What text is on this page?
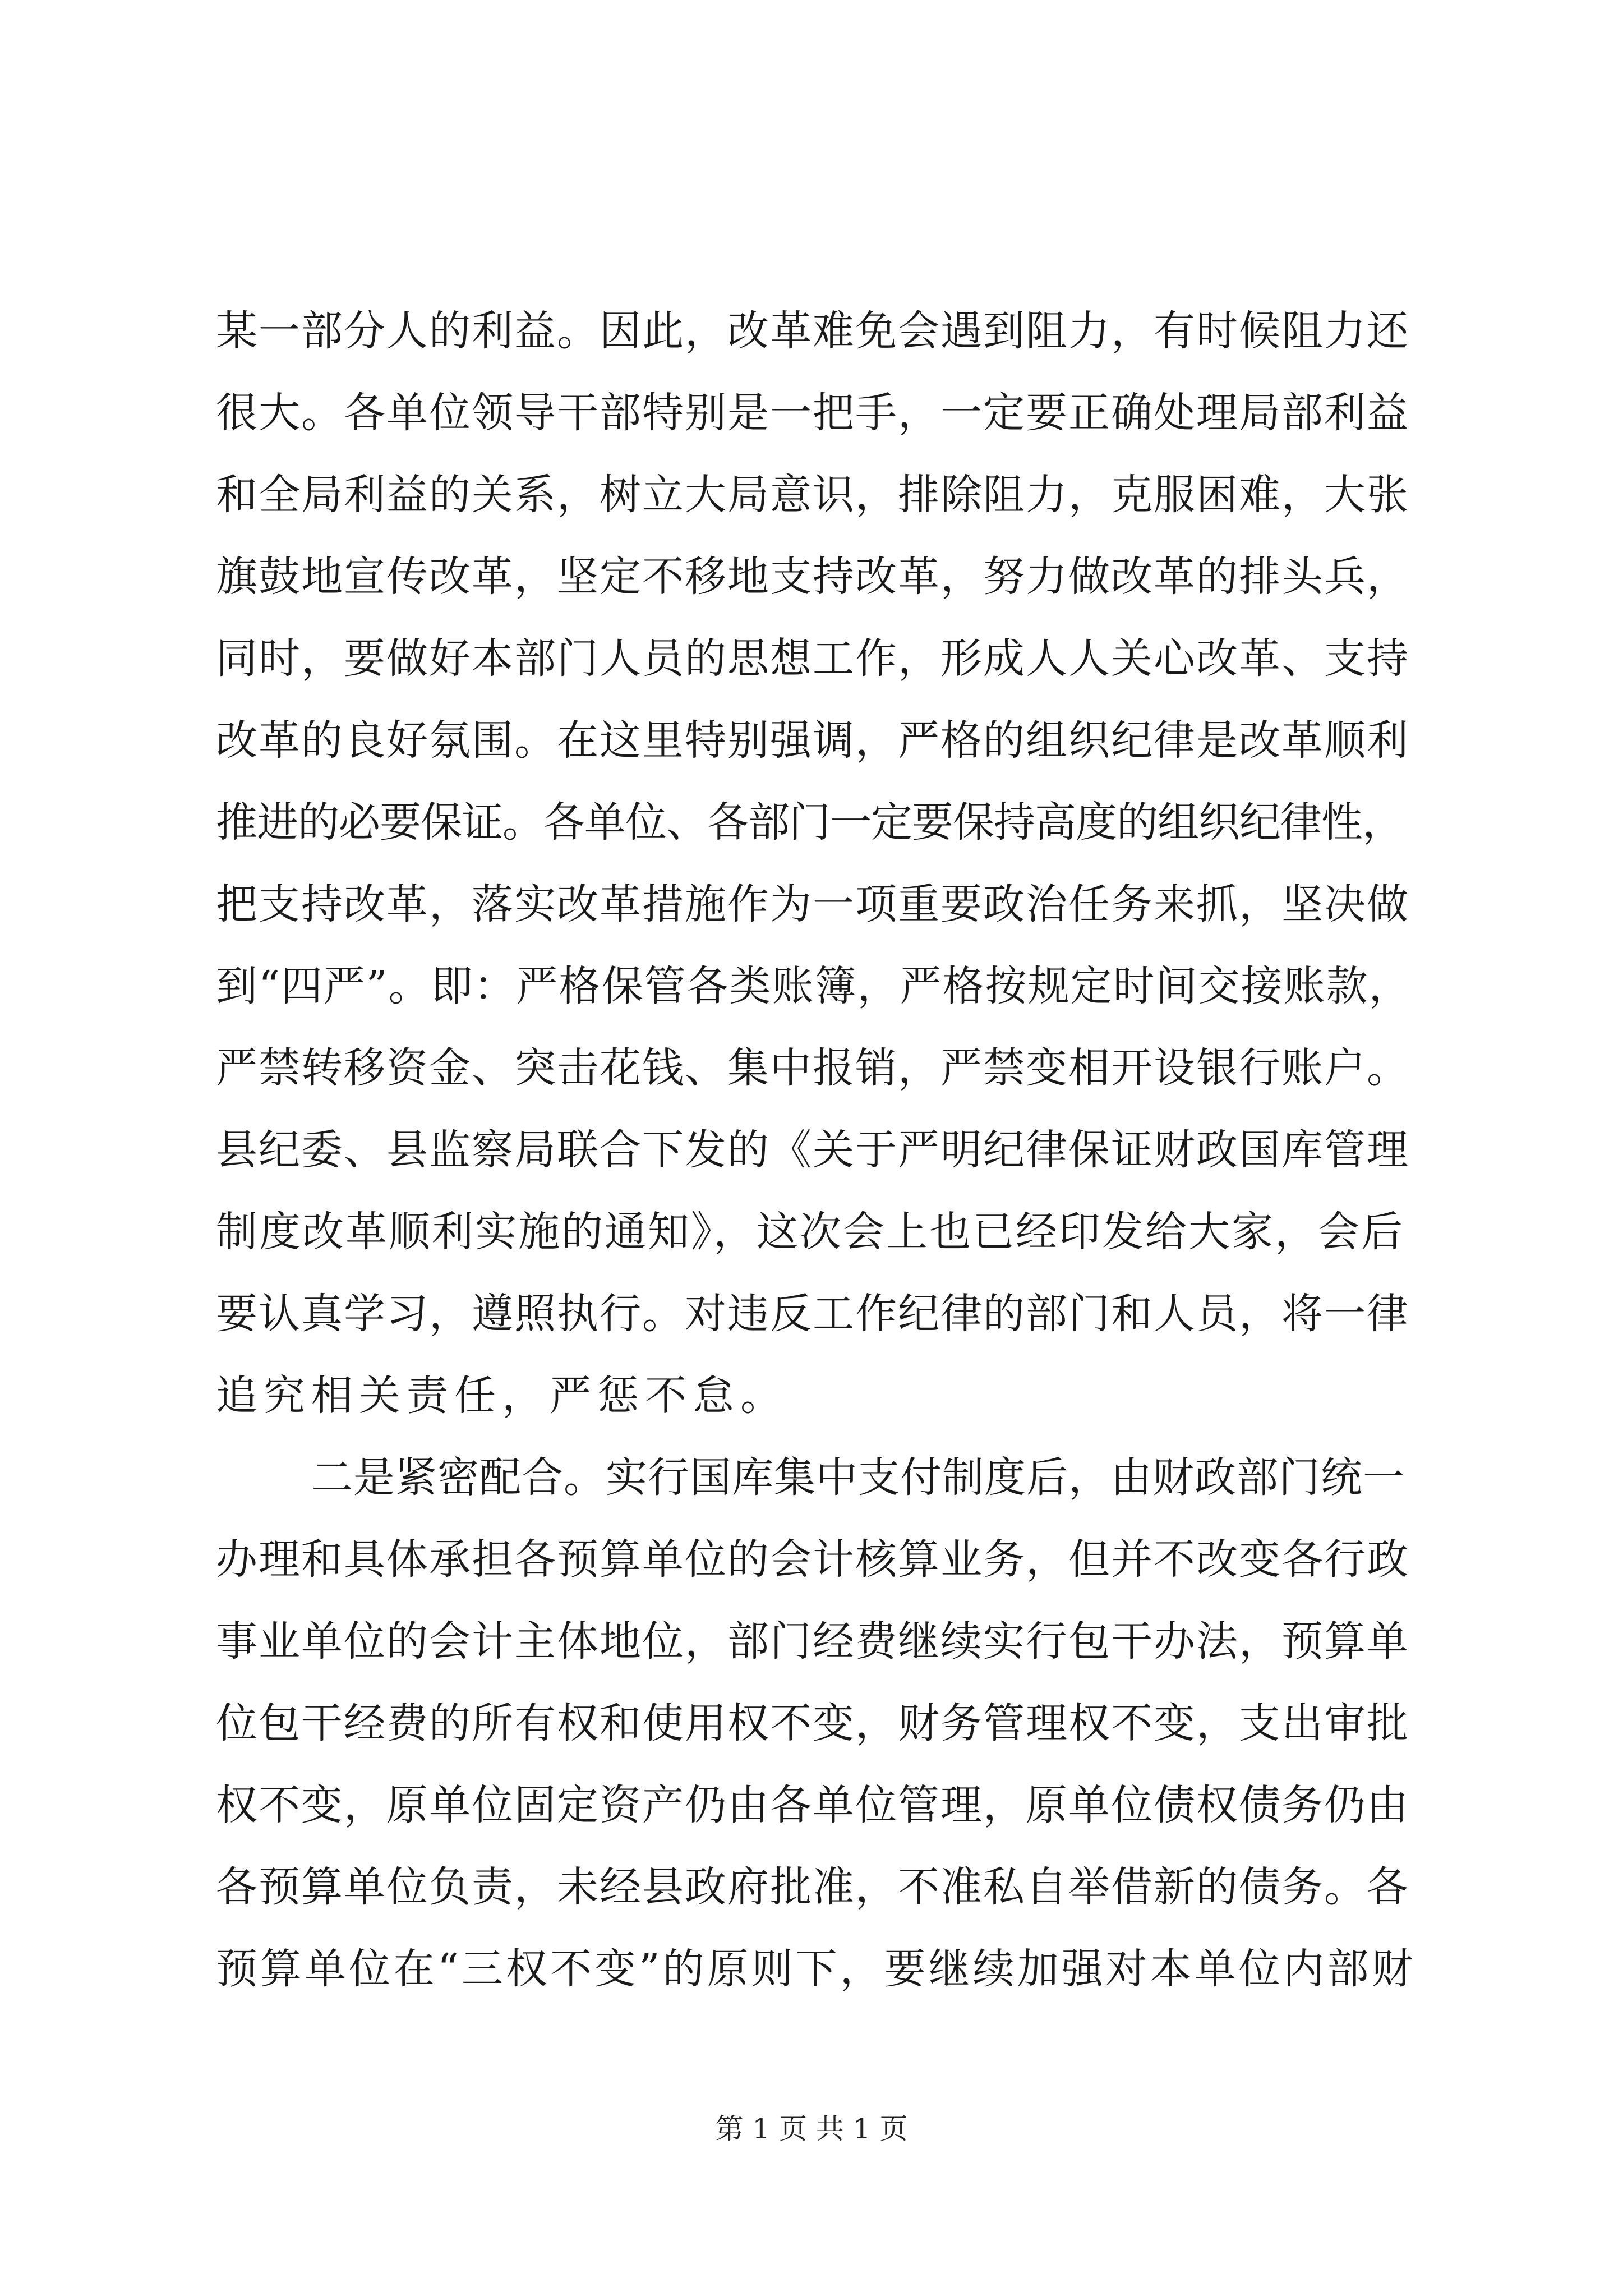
某一部分人的利益。因此，改革难免会遇到阻力，有时候阻力还
很大。各单位领导干部特别是一把手，一定要正确处理局部利益
和全局利益的关系，树立大局意识，排除阻力，克服困难，大张
旗鼓地宣传改革，坚定不移地支持改革，努力做改革的排头兵，
同时，要做好本部门人员的思想工作，形成人人关心改革、支持
改革的良好氛围。在这里特别强调，严格的组织纪律是改革顺利
推进的必要保证。各单位、各部门一定要保持高度的组织纪律性，
把支持改革，落实改革措施作为一项重要政治任务来抓，坚决做
到“四严”。即：严格保管各类账簿，严格按规定时间交接账款，
严禁转移资金、突击花钱、集中报销，严禁变相开设银行账户。
县纪委、县监察局联合下发的《关于严明纪律保证财政国库管理
制度改革顺利实施的通知》，这次会上也已经印发给大家，会后
要认真学习，遵照执行。对违反工作纪律的部门和人员，将一律
追究相关责任，严惩不怠。
二是紧密配合。实行国库集中支付制度后，由财政部门统一
办理和具体承担各预算单位的会计核算业务，但并不改变各行政
事业单位的会计主体地位，部门经费继续实行包干办法，预算单
位包干经费的所有权和使用权不变，财务管理权不变，支出审批
权不变，原单位固定资产仍由各单位管理，原单位债权债务仍由
各预算单位负责，未经县政府批准，不准私自举借新的债务。各
预算单位在“三权不变”的原则下，要继续加强对本单位内部财
第 1 页 共 1 页
